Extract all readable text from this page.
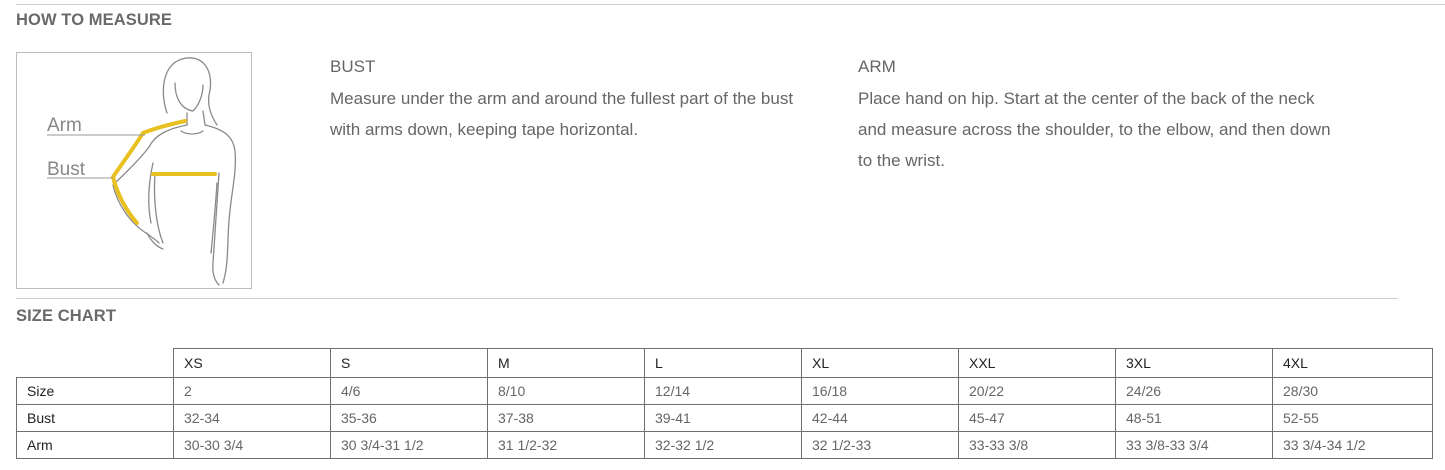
HOW TO MEASURE
Arm
Bust
BUST

Measure under the arm and around the fullest part of the bust

with arms down, keeping tape horizontal.

ARM

Place hand on hip. Start at the center of the back of the neck

and measure across the shoulder, to the elbow, and then down

to the wrist.

SIZE CHART
	XS	S	M	L	XL	XXL	3XL	4XL
Size	2	4/6	8/10	12/14	16/18	20/22	24/26	28/30
Bust	32-34	35-36	37-38	39-41	42-44	45-47	48-51	52-55
Arm	30-30 3/4	30 3/4-31 1/2	31 1/2-32	32-32 1/2	32 1/2-33	33-33 3/8	33 3/8-33 3/4	33 3/4-34 1/2
